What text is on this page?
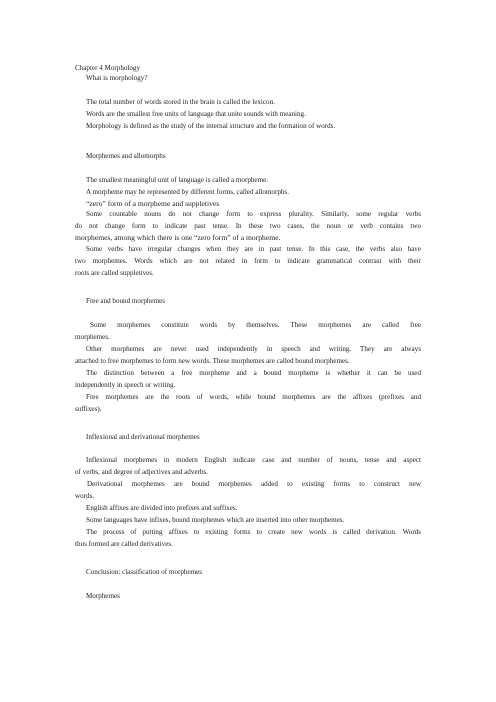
Chapter 4 Morphology

What is morphology?

The total number of words stored in the brain is called the lexicon.

Words are the smallest free units of language that unite sounds with meaning.

Morphology is defined as the study of the internal structure and the formation of words.

Morphemes and allomorphs

The smallest meaningful unit of language is called a morpheme.

A morpheme may be represented by different forms, called allomorphs.

“zero” form of a morpheme and suppletives

Some countable nouns do not change form to express plurality. Similarly, some regular verbs

do not change form to indicate past tense. In these two cases, the noun or verb contains two

morphemes, among which there is one “zero form” of a morpheme.

Some verbs have irregular changes when they are in past tense. In this case, the verbs also have

two morphemes. Words which are not related in form to indicate grammatical contrast with their

roots are called suppletives.

Free and bound morphemes

Some morphemes constitute words by themselves. These morphemes are called free

morphemes.

Other morphemes are never used independently in speech and writing. They are always

attached to free morphemes to form new words. These morphemes are called bound morphemes.

The distinction between a free morpheme and a bound morpheme is whether it can be used

independently in speech or writing.

Free morphemes are the roots of words, while bound morphemes are the affixes (prefixes and

suffixes).

Inflexional and derivational morphemes

Inflexional morphemes in modern English indicate case and number of nouns, tense and aspect

of verbs, and degree of adjectives and adverbs.

Derivational morphemes are bound morphemes added to existing forms to construct new

words.

English affixes are divided into prefixes and suffixes.

Some languages have infixes, bound morphemes which are inserted into other morphemes.

The process of putting affixes to existing forms to create new words is called derivation. Words

thus formed are called derivatives.

Conclusion: classification of morphemes

Morphemes
